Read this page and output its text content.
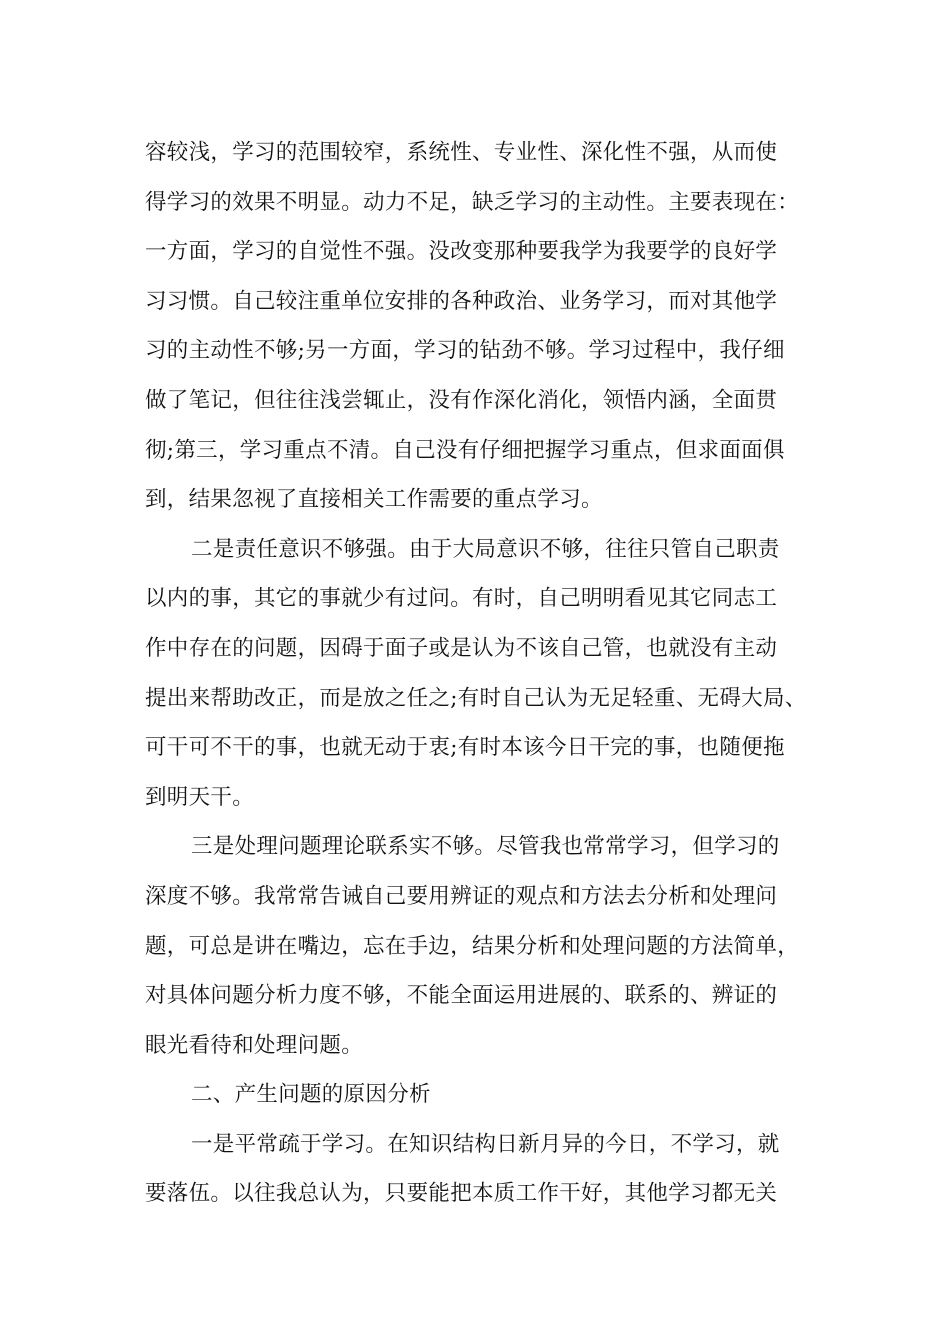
容较浅，学习的范围较窄，系统性、专业性、深化性不强，从而使
得学习的效果不明显。动力不足，缺乏学习的主动性。主要表现在：
一方面，学习的自觉性不强。没改变那种要我学为我要学的良好学
习习惯。自己较注重单位安排的各种政治、业务学习，而对其他学
习的主动性不够;另一方面，学习的钻劲不够。学习过程中，我仔细
做了笔记，但往往浅尝辄止，没有作深化消化，领悟内涵，全面贯
彻;第三，学习重点不清。自己没有仔细把握学习重点，但求面面俱
到，结果忽视了直接相关工作需要的重点学习。
二是责任意识不够强。由于大局意识不够，往往只管自己职责
以内的事，其它的事就少有过问。有时，自己明明看见其它同志工
作中存在的问题，因碍于面子或是认为不该自己管，也就没有主动
提出来帮助改正，而是放之任之;有时自己认为无足轻重、无碍大局、
可干可不干的事，也就无动于衷;有时本该今日干完的事，也随便拖
到明天干。
三是处理问题理论联系实不够。尽管我也常常学习，但学习的
深度不够。我常常告诫自己要用辨证的观点和方法去分析和处理问
题，可总是讲在嘴边，忘在手边，结果分析和处理问题的方法简单，
对具体问题分析力度不够，不能全面运用进展的、联系的、辨证的
眼光看待和处理问题。
二、产生问题的原因分析
一是平常疏于学习。在知识结构日新月异的今日，不学习，就
要落伍。以往我总认为，只要能把本质工作干好，其他学习都无关
